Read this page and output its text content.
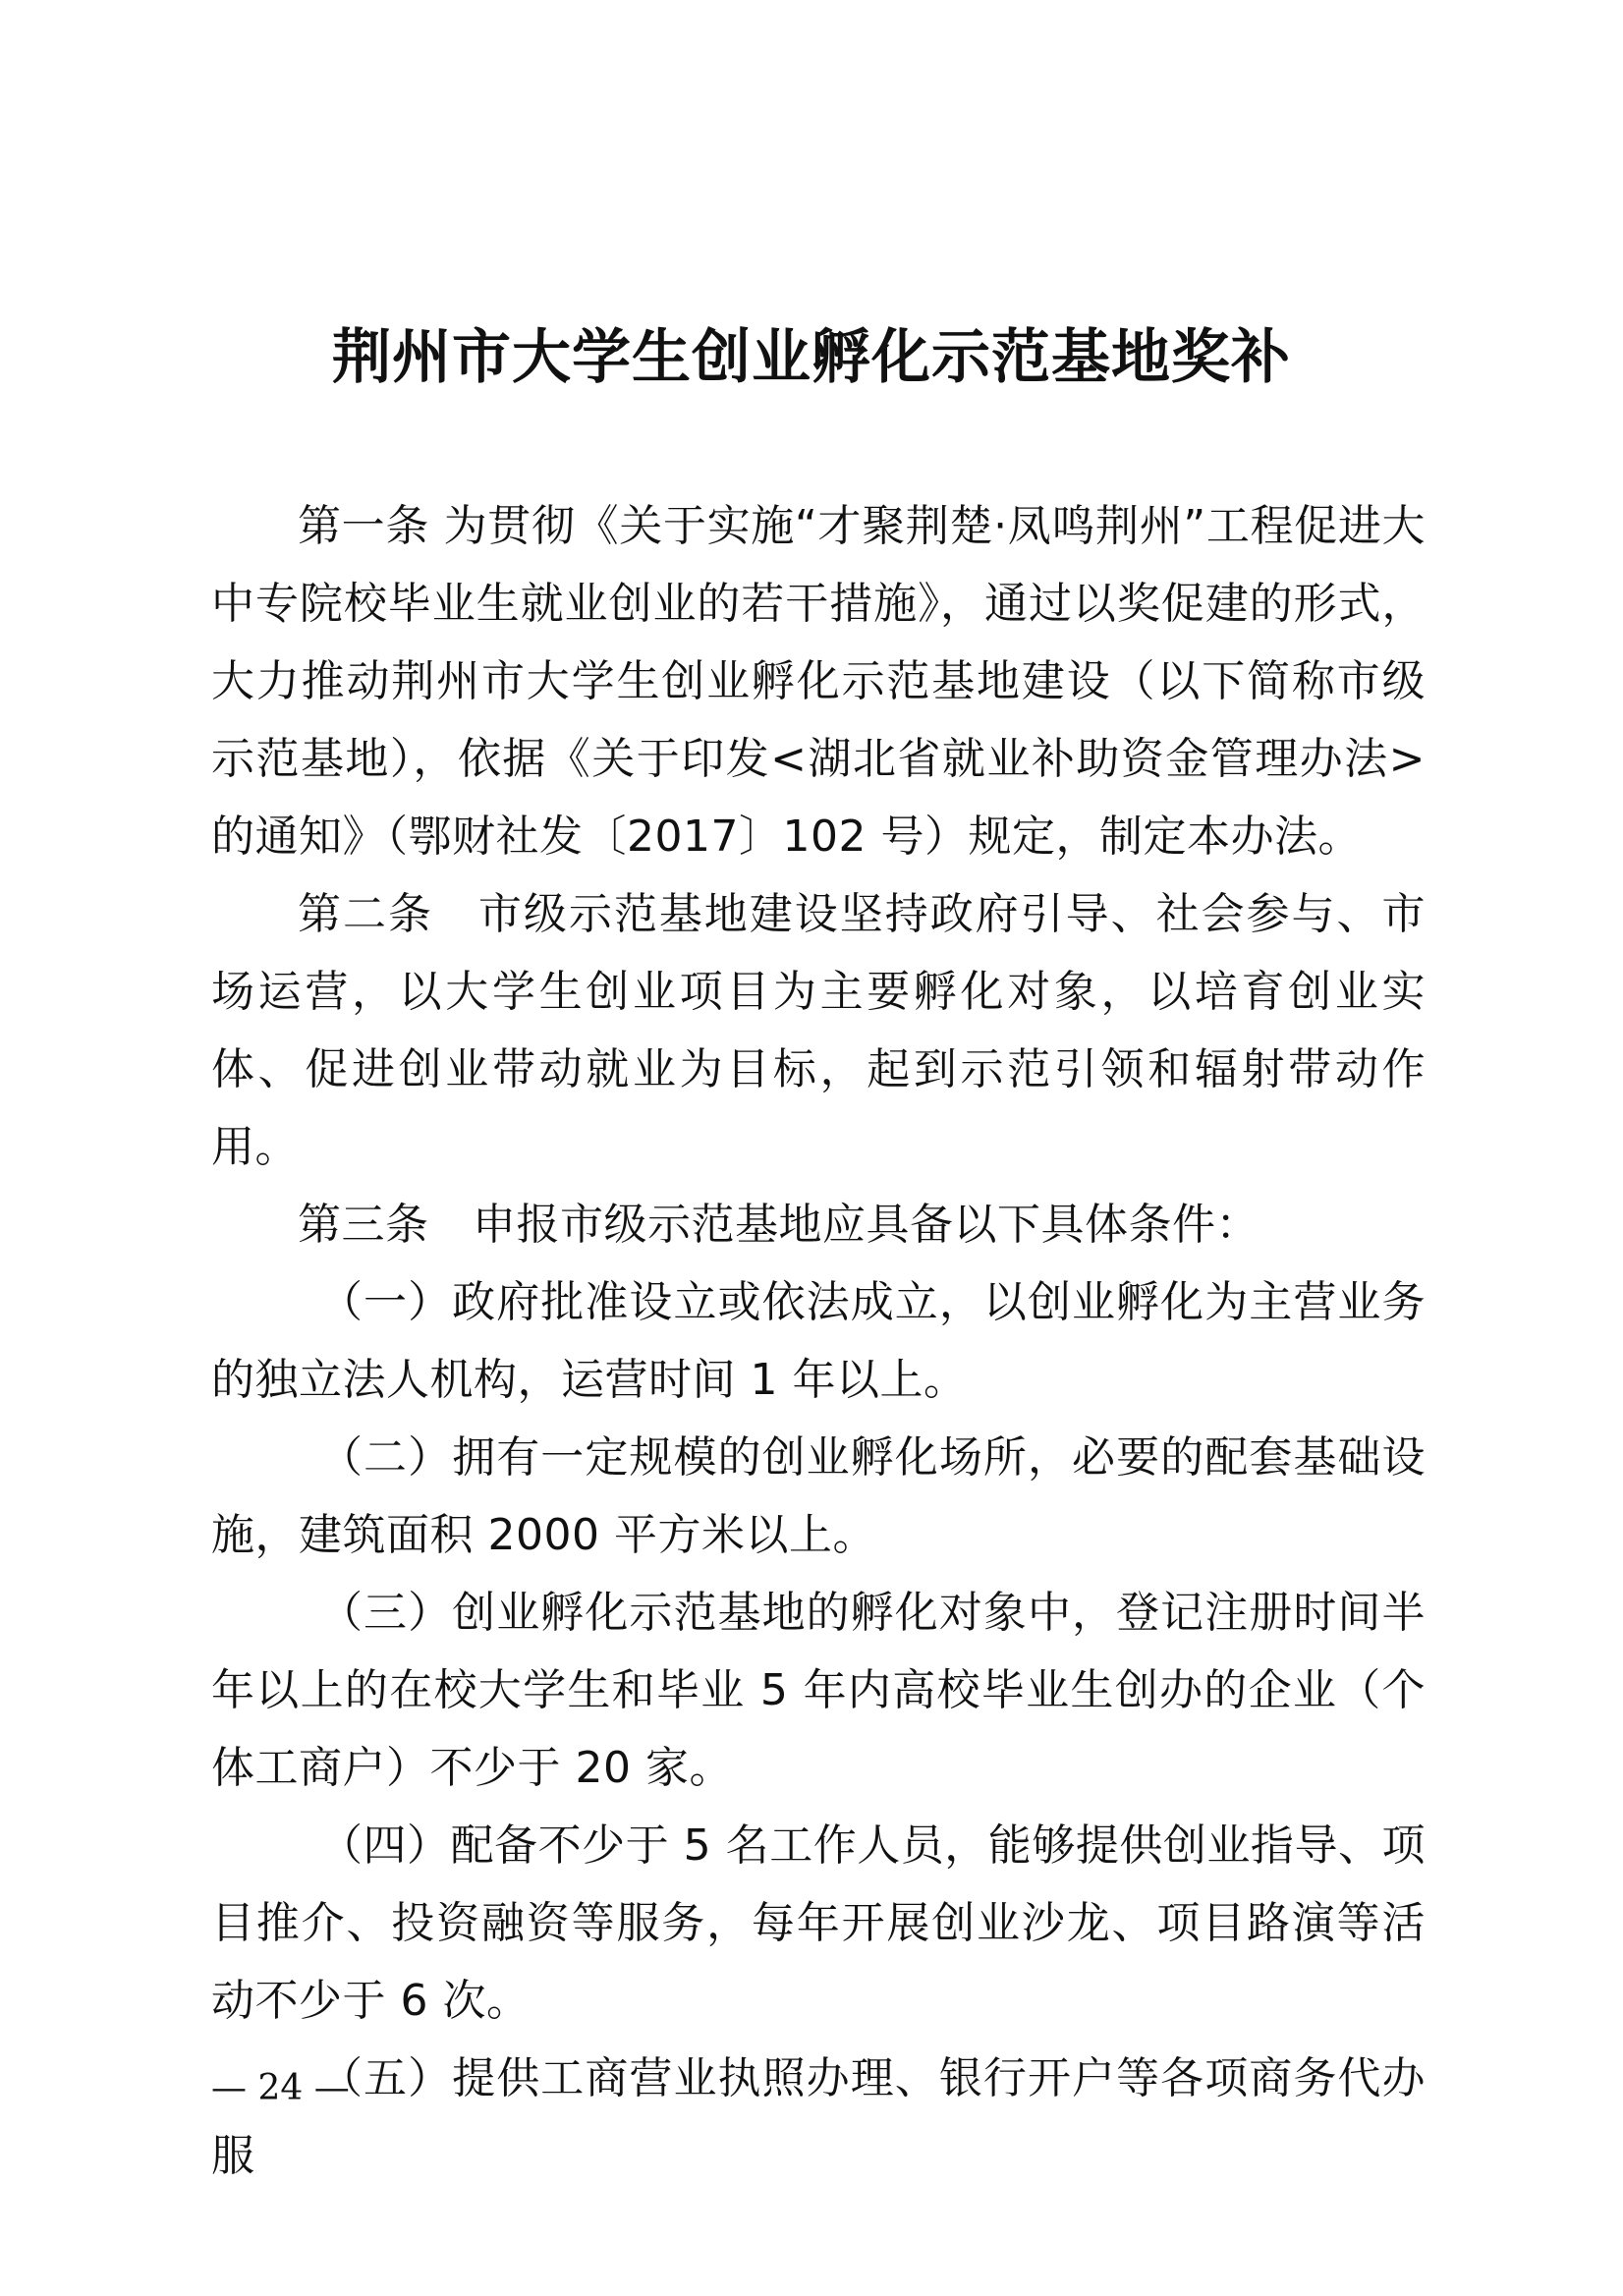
荆州市大学生创业孵化示范基地奖补

第一条 为贯彻《关于实施“才聚荆楚·凤鸣荆州”工程促进大中专院校毕业生就业创业的若干措施》，通过以奖促建的形式，大力推动荆州市大学生创业孵化示范基地建设（以下简称市级示范基地），依据《关于印发<湖北省就业补助资金管理办法>的通知》（鄂财社发〔2017〕102 号）规定，制定本办法。

第二条　市级示范基地建设坚持政府引导、社会参与、市场运营，以大学生创业项目为主要孵化对象，以培育创业实体、促进创业带动就业为目标，起到示范引领和辐射带动作用。

第三条　申报市级示范基地应具备以下具体条件：

（一）政府批准设立或依法成立，以创业孵化为主营业务的独立法人机构，运营时间 1 年以上。

（二）拥有一定规模的创业孵化场所，必要的配套基础设施，建筑面积 2000 平方米以上。

（三）创业孵化示范基地的孵化对象中，登记注册时间半年以上的在校大学生和毕业 5 年内高校毕业生创办的企业（个体工商户）不少于 20 家。

（四）配备不少于 5 名工作人员，能够提供创业指导、项目推介、投资融资等服务，每年开展创业沙龙、项目路演等活动不少于 6 次。

（五）提供工商营业执照办理、银行开户等各项商务代办服

— 24 —
